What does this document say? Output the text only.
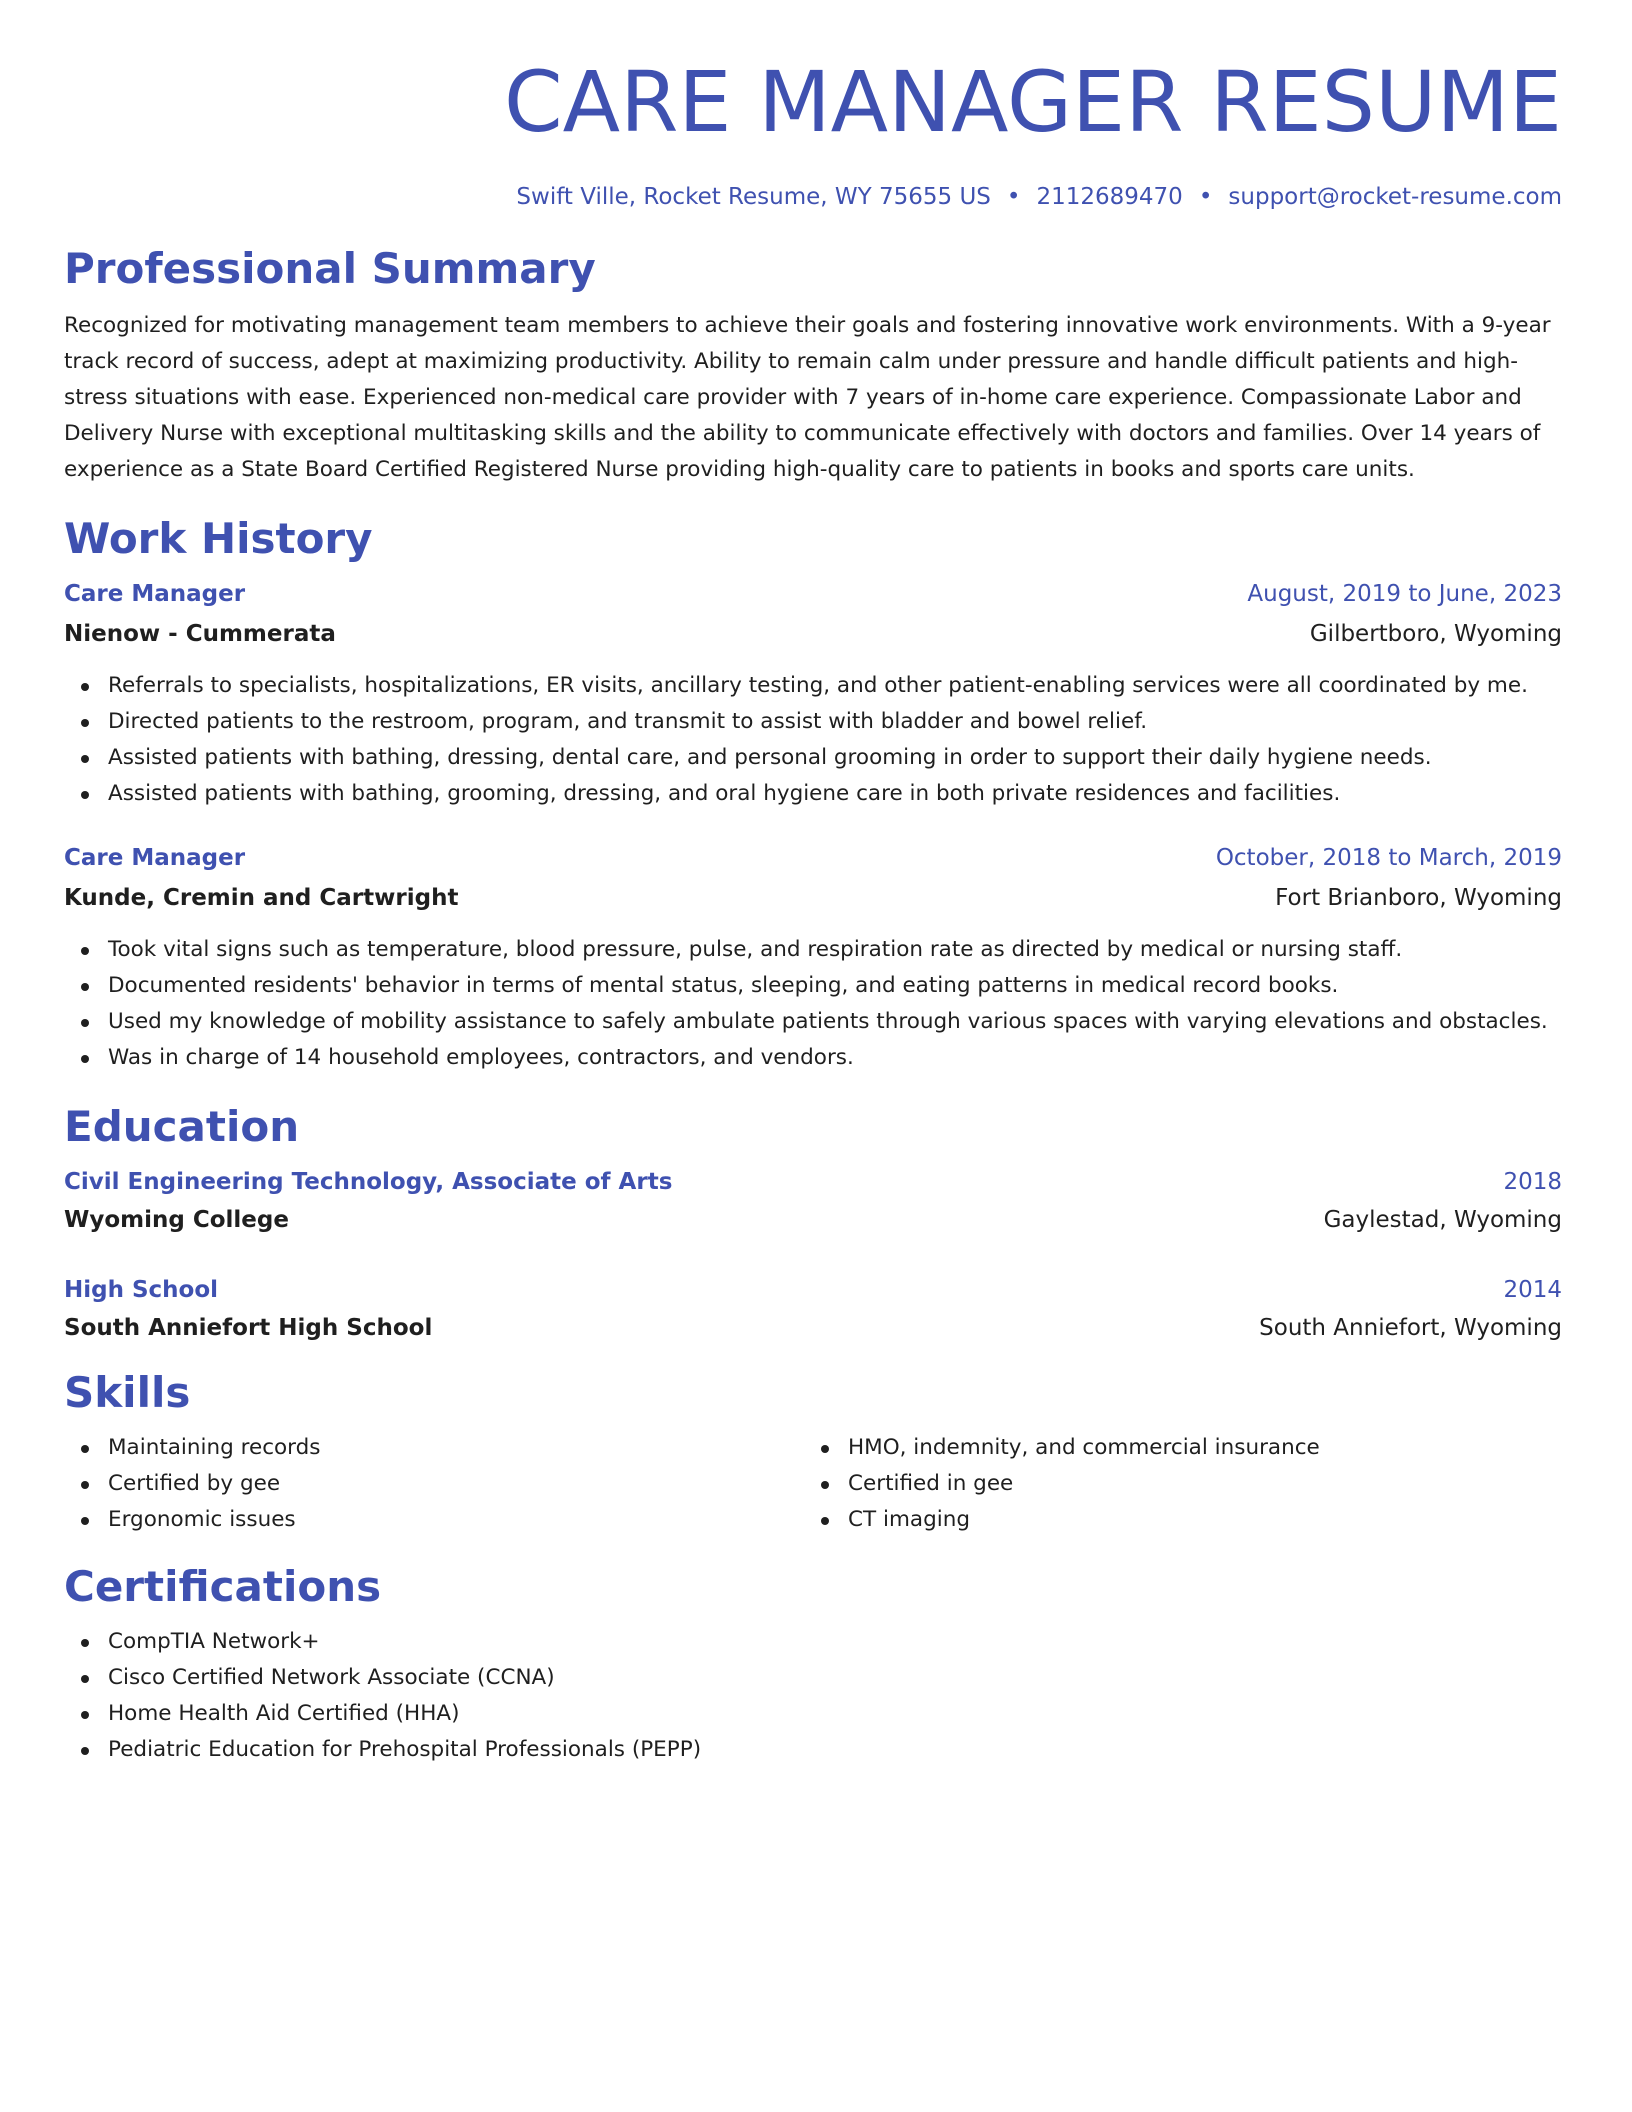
CARE MANAGER RESUME
Swift Ville, Rocket Resume, WY 75655 US • 2112689470 • support@rocket-resume.com
Professional Summary
Recognized for motivating management team members to achieve their goals and fostering innovative work environments. With a 9-year track record of success, adept at maximizing productivity. Ability to remain calm under pressure and handle difficult patients and high-stress situations with ease. Experienced non-medical care provider with 7 years of in-home care experience. Compassionate Labor and Delivery Nurse with exceptional multitasking skills and the ability to communicate effectively with doctors and families. Over 14 years of experience as a State Board Certified Registered Nurse providing high-quality care to patients in books and sports care units.
Work History
Care Manager	August, 2019 to June, 2023
Nienow - Cummerata	Gilbertboro, Wyoming
Referrals to specialists, hospitalizations, ER visits, ancillary testing, and other patient-enabling services were all coordinated by me.
Directed patients to the restroom, program, and transmit to assist with bladder and bowel relief.
Assisted patients with bathing, dressing, dental care, and personal grooming in order to support their daily hygiene needs.
Assisted patients with bathing, grooming, dressing, and oral hygiene care in both private residences and facilities.
Care Manager	October, 2018 to March, 2019
Kunde, Cremin and Cartwright	Fort Brianboro, Wyoming
Took vital signs such as temperature, blood pressure, pulse, and respiration rate as directed by medical or nursing staff.
Documented residents' behavior in terms of mental status, sleeping, and eating patterns in medical record books.
Used my knowledge of mobility assistance to safely ambulate patients through various spaces with varying elevations and obstacles.
Was in charge of 14 household employees, contractors, and vendors.
Education
Civil Engineering Technology, Associate of Arts	2018
Wyoming College	Gaylestad, Wyoming
High School	2014
South Anniefort High School	South Anniefort, Wyoming
Skills
Maintaining records
Certified by gee
Ergonomic issues
HMO, indemnity, and commercial insurance
Certified in gee
CT imaging
Certifications
CompTIA Network+
Cisco Certified Network Associate (CCNA)
Home Health Aid Certified (HHA)
Pediatric Education for Prehospital Professionals (PEPP)
